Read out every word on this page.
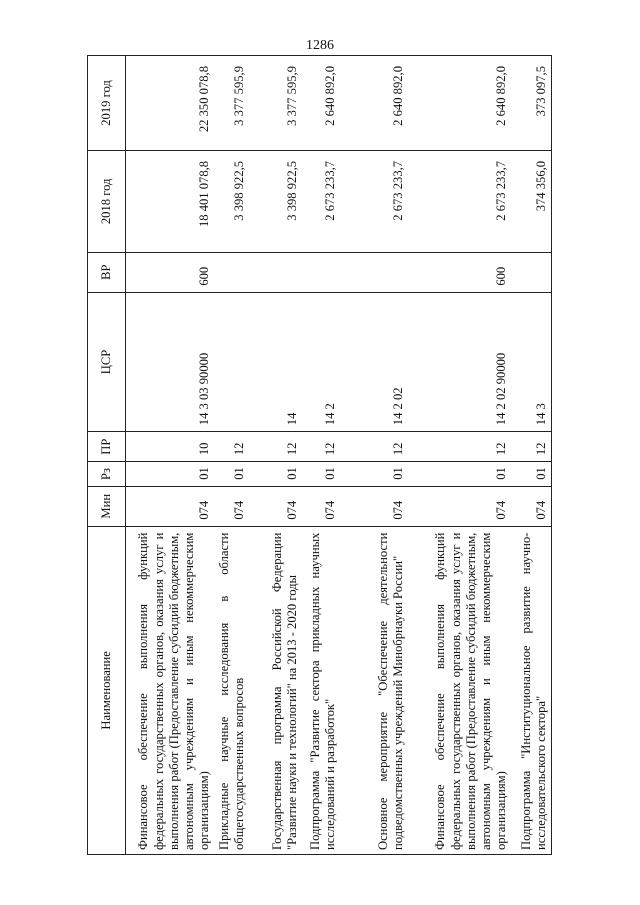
1286
Наименование	Мин	Рз	ПР	ЦСР	ВР	2018 год	2019 год
Финансовое обеспечение выполнения функций федеральных государственных органов, оказания услуг и выполнения работ (Предоставление субсидий бюджетным, автономным учреждениям и иным некоммерческим организациям)	074	01	10	14 3 03 90000	600	18 401 078,8	22 350 078,8
Прикладные научные исследования в области общегосударственных вопросов	074	01	12			3 398 922,5	3 377 595,9
Государственная программа Российской Федерации "Развитие науки и технологий" на 2013 - 2020 годы	074	01	12	14		3 398 922,5	3 377 595,9
Подпрограмма "Развитие сектора прикладных научных исследований и разработок"	074	01	12	14 2		2 673 233,7	2 640 892,0
Основное мероприятие "Обеспечение деятельности подведомственных учреждений Минобрнауки России"	074	01	12	14 2 02		2 673 233,7	2 640 892,0
Финансовое обеспечение выполнения функций федеральных государственных органов, оказания услуг и выполнения работ (Предоставление субсидий бюджетным, автономным учреждениям и иным некоммерческим организациям)	074	01	12	14 2 02 90000	600	2 673 233,7	2 640 892,0
Подпрограмма "Институциональное развитие научно-исследовательского сектора"	074	01	12	14 3		374 356,0	373 097,5
